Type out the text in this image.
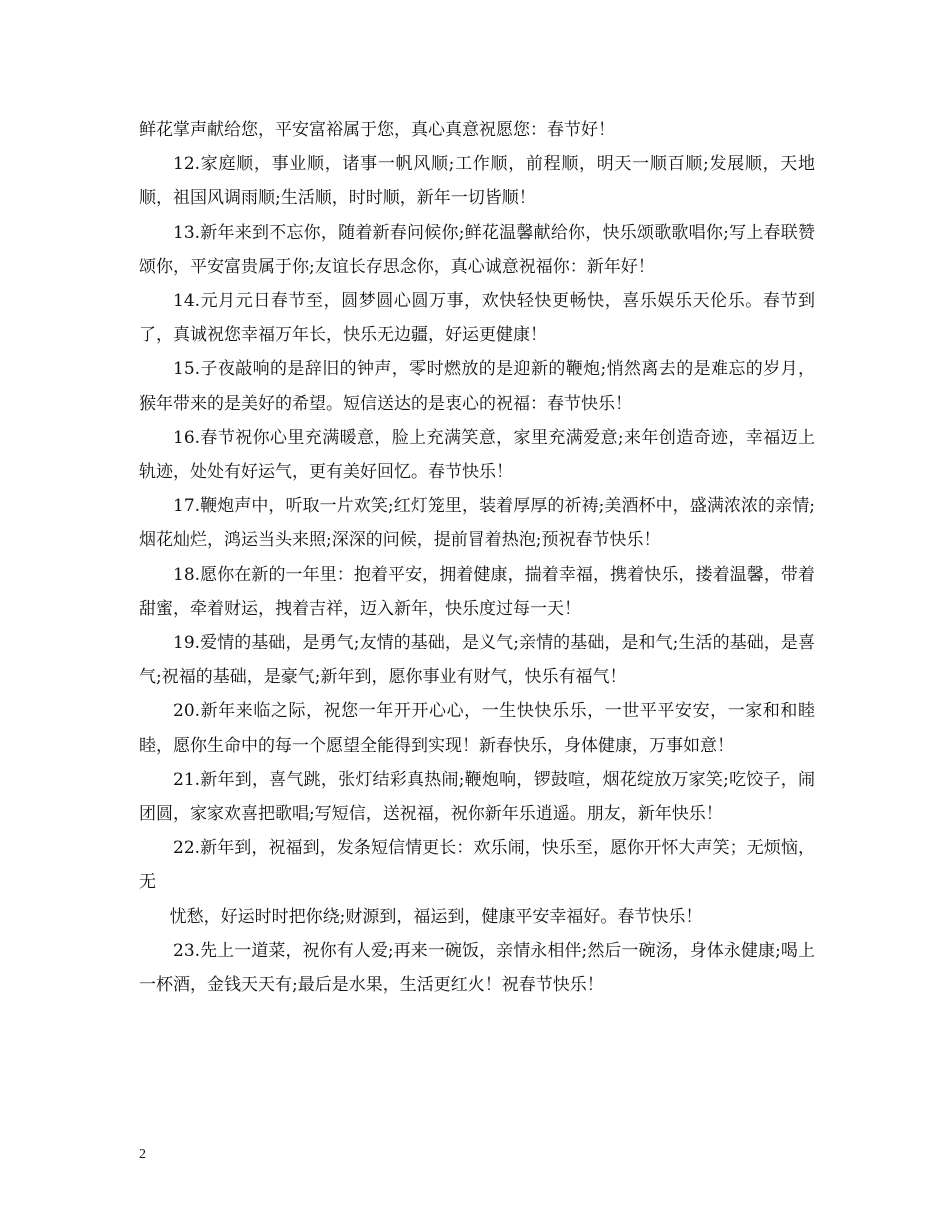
鲜花掌声献给您，平安富裕属于您，真心真意祝愿您：春节好！

12.家庭顺，事业顺，诸事一帆风顺;工作顺，前程顺，明天一顺百顺;发展顺，天地顺，祖国风调雨顺;生活顺，时时顺，新年一切皆顺！

13.新年来到不忘你，随着新春问候你;鲜花温馨献给你，快乐颂歌歌唱你;写上春联赞颂你，平安富贵属于你;友谊长存思念你，真心诚意祝福你：新年好！

14.元月元日春节至，圆梦圆心圆万事，欢快轻快更畅快，喜乐娱乐天伦乐。春节到了，真诚祝您幸福万年长，快乐无边疆，好运更健康！

15.子夜敲响的是辞旧的钟声，零时燃放的是迎新的鞭炮;悄然离去的是难忘的岁月，猴年带来的是美好的希望。短信送达的是衷心的祝福：春节快乐！

16.春节祝你心里充满暖意，脸上充满笑意，家里充满爱意;来年创造奇迹，幸福迈上轨迹，处处有好运气，更有美好回忆。春节快乐！

17.鞭炮声中，听取一片欢笑;红灯笼里，装着厚厚的祈祷;美酒杯中，盛满浓浓的亲情;烟花灿烂，鸿运当头来照;深深的问候，提前冒着热泡;预祝春节快乐！

18.愿你在新的一年里：抱着平安，拥着健康，揣着幸福，携着快乐，搂着温馨，带着甜蜜，牵着财运，拽着吉祥，迈入新年，快乐度过每一天！

19.爱情的基础，是勇气;友情的基础，是义气;亲情的基础，是和气;生活的基础，是喜气;祝福的基础，是豪气;新年到，愿你事业有财气，快乐有福气！

20.新年来临之际，祝您一年开开心心，一生快快乐乐，一世平平安安，一家和和睦睦，愿你生命中的每一个愿望全能得到实现！新春快乐，身体健康，万事如意！

21.新年到，喜气跳，张灯结彩真热闹;鞭炮响，锣鼓喧，烟花绽放万家笑;吃饺子，闹团圆，家家欢喜把歌唱;写短信，送祝福，祝你新年乐逍遥。朋友，新年快乐！

22.新年到，祝福到，发条短信情更长：欢乐闹，快乐至，愿你开怀大声笑；无烦恼，无

忧愁，好运时时把你绕;财源到，福运到，健康平安幸福好。春节快乐！

23.先上一道菜，祝你有人爱;再来一碗饭，亲情永相伴;然后一碗汤，身体永健康;喝上一杯酒，金钱天天有;最后是水果，生活更红火！祝春节快乐！

2
